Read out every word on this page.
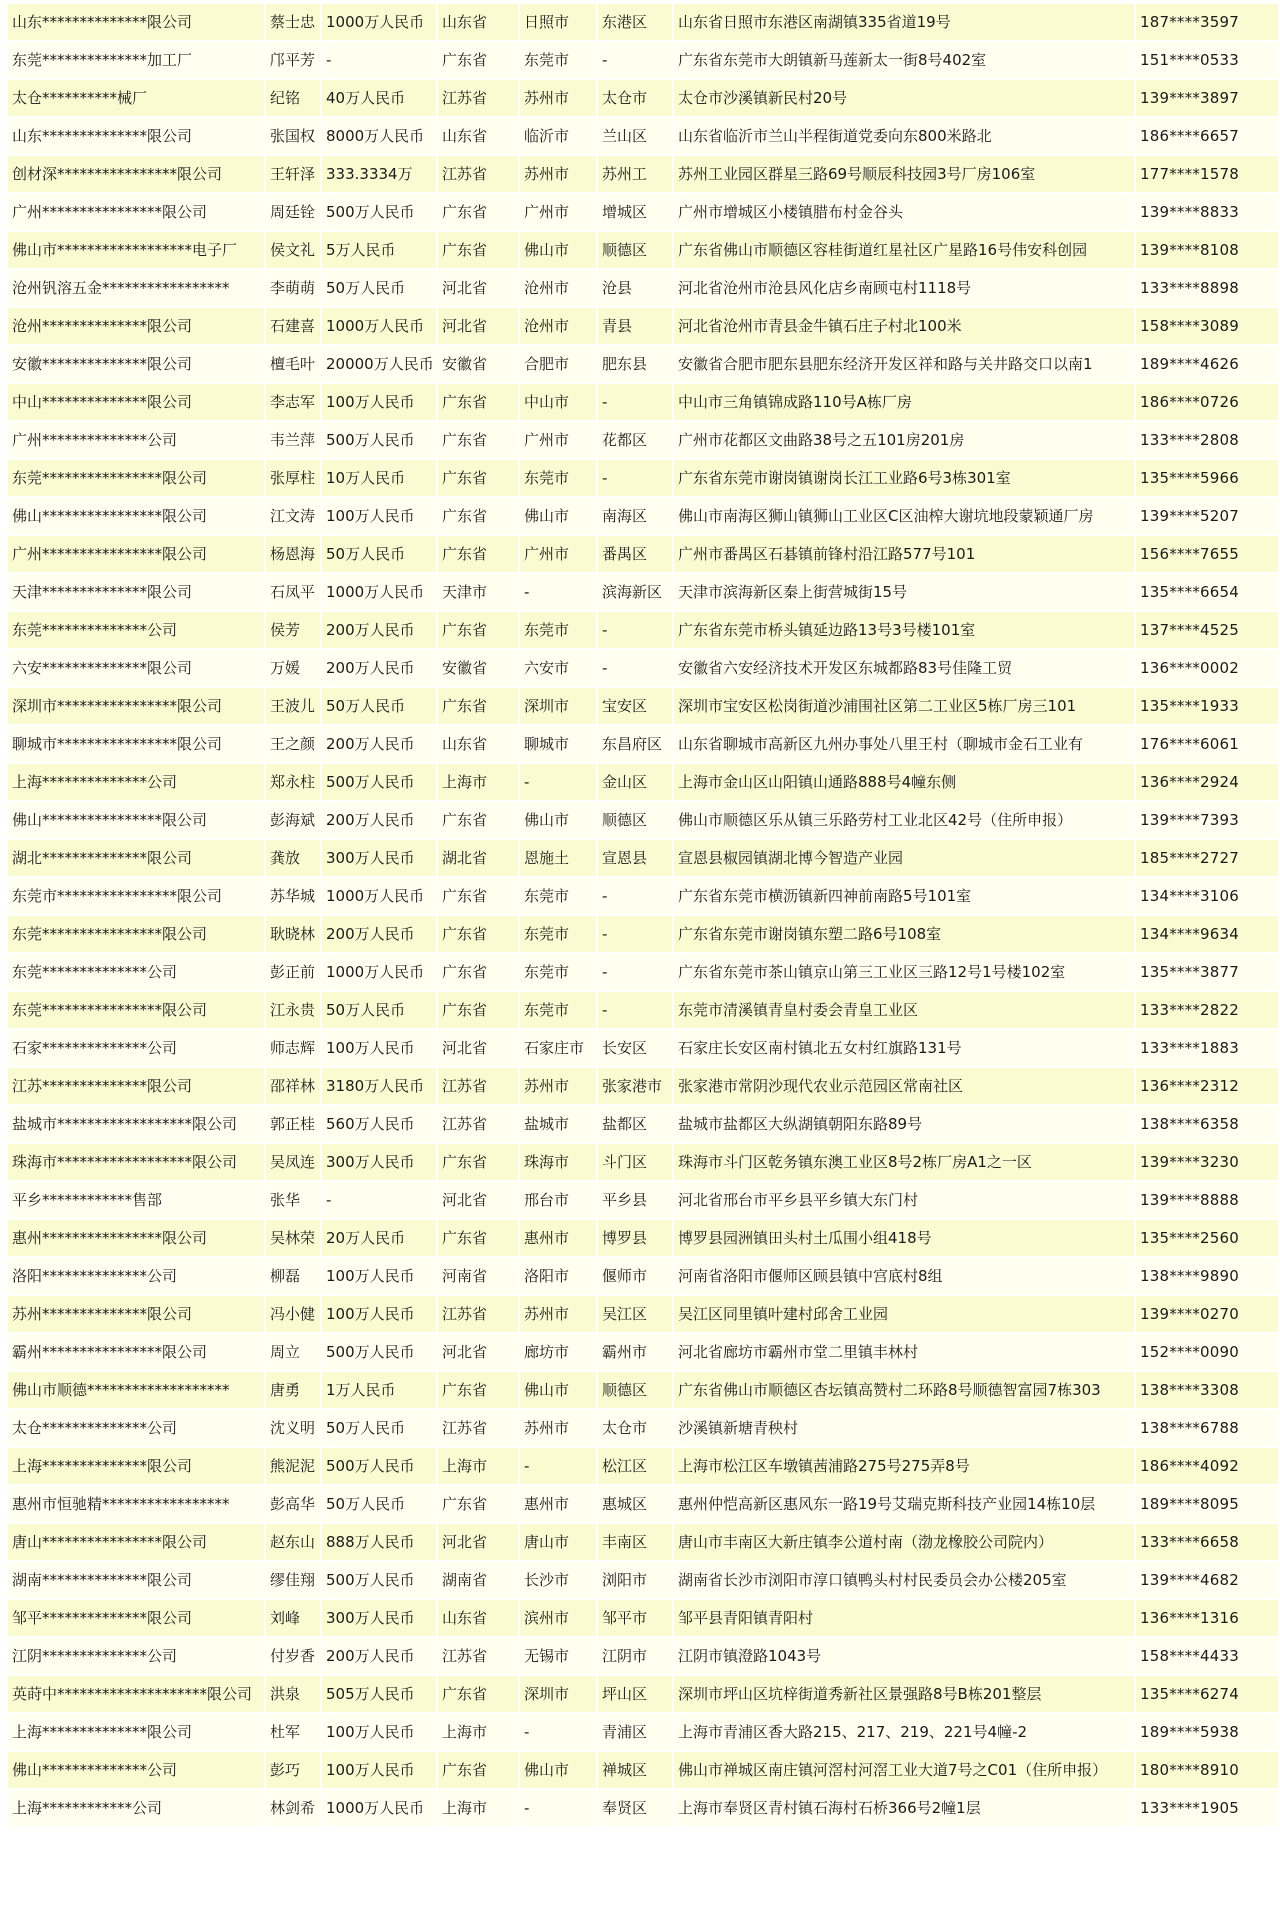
山东**************限公司	蔡士忠	1000万人民币	山东省	日照市	东港区	山东省日照市东港区南湖镇335省道19号	187****3597
东莞**************加工厂	邝平芳	-	广东省	东莞市	-	广东省东莞市大朗镇新马莲新太一街8号402室	151****0533
太仓**********械厂	纪铭	40万人民币	江苏省	苏州市	太仓市	太仓市沙溪镇新民村20号	139****3897
山东**************限公司	张国权	8000万人民币	山东省	临沂市	兰山区	山东省临沂市兰山半程街道党委向东800米路北	186****6657
创材深****************限公司	王轩泽	333.3334万	江苏省	苏州市	苏州工	苏州工业园区群星三路69号顺辰科技园3号厂房106室	177****1578
广州****************限公司	周廷铨	500万人民币	广东省	广州市	增城区	广州市增城区小楼镇腊布村金谷头	139****8833
佛山市******************电子厂	侯文礼	5万人民币	广东省	佛山市	顺德区	广东省佛山市顺德区容桂街道红星社区广星路16号伟安科创园	139****8108
沧州钒溶五金*****************	李萌萌	50万人民币	河北省	沧州市	沧县	河北省沧州市沧县风化店乡南顾屯村1118号	133****8898
沧州**************限公司	石建喜	1000万人民币	河北省	沧州市	青县	河北省沧州市青县金牛镇石庄子村北100米	158****3089
安徽**************限公司	檀毛叶	20000万人民币	安徽省	合肥市	肥东县	安徽省合肥市肥东县肥东经济开发区祥和路与关井路交口以南1	189****4626
中山**************限公司	李志军	100万人民币	广东省	中山市	-	中山市三角镇锦成路110号A栋厂房	186****0726
广州**************公司	韦兰萍	500万人民币	广东省	广州市	花都区	广州市花都区文曲路38号之五101房201房	133****2808
东莞****************限公司	张厚柱	10万人民币	广东省	东莞市	-	广东省东莞市谢岗镇谢岗长江工业路6号3栋301室	135****5966
佛山****************限公司	江文涛	100万人民币	广东省	佛山市	南海区	佛山市南海区狮山镇狮山工业区C区油榨大谢坑地段蒙颖通厂房	139****5207
广州****************限公司	杨恩海	50万人民币	广东省	广州市	番禺区	广州市番禺区石碁镇前锋村沿江路577号101	156****7655
天津**************限公司	石凤平	1000万人民币	天津市	-	滨海新区	天津市滨海新区秦上街营城街15号	135****6654
东莞**************公司	侯芳	200万人民币	广东省	东莞市	-	广东省东莞市桥头镇延边路13号3号楼101室	137****4525
六安**************限公司	万媛	200万人民币	安徽省	六安市	-	安徽省六安经济技术开发区东城都路83号佳隆工贸	136****0002
深圳市****************限公司	王波儿	50万人民币	广东省	深圳市	宝安区	深圳市宝安区松岗街道沙浦围社区第二工业区5栋厂房三101	135****1933
聊城市****************限公司	王之颜	200万人民币	山东省	聊城市	东昌府区	山东省聊城市高新区九州办事处八里王村（聊城市金石工业有	176****6061
上海**************公司	郑永柱	500万人民币	上海市	-	金山区	上海市金山区山阳镇山通路888号4幢东侧	136****2924
佛山****************限公司	彭海斌	200万人民币	广东省	佛山市	顺德区	佛山市顺德区乐从镇三乐路劳村工业北区42号（住所申报）	139****7393
湖北**************限公司	龚放	300万人民币	湖北省	恩施土	宣恩县	宣恩县椒园镇湖北博今智造产业园	185****2727
东莞市****************限公司	苏华城	1000万人民币	广东省	东莞市	-	广东省东莞市横沥镇新四神前南路5号101室	134****3106
东莞****************限公司	耿晓林	200万人民币	广东省	东莞市	-	广东省东莞市谢岗镇东塑二路6号108室	134****9634
东莞**************公司	彭正前	1000万人民币	广东省	东莞市	-	广东省东莞市茶山镇京山第三工业区三路12号1号楼102室	135****3877
东莞****************限公司	江永贵	50万人民币	广东省	东莞市	-	东莞市清溪镇青皇村委会青皇工业区	133****2822
石家**************公司	师志辉	100万人民币	河北省	石家庄市	长安区	石家庄长安区南村镇北五女村红旗路131号	133****1883
江苏**************限公司	邵祥林	3180万人民币	江苏省	苏州市	张家港市	张家港市常阴沙现代农业示范园区常南社区	136****2312
盐城市******************限公司	郭正桂	560万人民币	江苏省	盐城市	盐都区	盐城市盐都区大纵湖镇朝阳东路89号	138****6358
珠海市******************限公司	吴凤连	300万人民币	广东省	珠海市	斗门区	珠海市斗门区乾务镇东澳工业区8号2栋厂房A1之一区	139****3230
平乡************售部	张华	-	河北省	邢台市	平乡县	河北省邢台市平乡县平乡镇大东门村	139****8888
惠州****************限公司	吴林荣	20万人民币	广东省	惠州市	博罗县	博罗县园洲镇田头村土瓜围小组418号	135****2560
洛阳**************公司	柳磊	100万人民币	河南省	洛阳市	偃师市	河南省洛阳市偃师区顾县镇中宫底村8组	138****9890
苏州**************限公司	冯小健	100万人民币	江苏省	苏州市	吴江区	吴江区同里镇叶建村邱舍工业园	139****0270
霸州****************限公司	周立	500万人民币	河北省	廊坊市	霸州市	河北省廊坊市霸州市堂二里镇丰林村	152****0090
佛山市顺德*******************	唐勇	1万人民币	广东省	佛山市	顺德区	广东省佛山市顺德区杏坛镇高赞村二环路8号顺德智富园7栋303	138****3308
太仓**************公司	沈义明	50万人民币	江苏省	苏州市	太仓市	沙溪镇新塘青秧村	138****6788
上海**************限公司	熊泥泥	500万人民币	上海市	-	松江区	上海市松江区车墩镇茜浦路275号275弄8号	186****4092
惠州市恒驰精*****************	彭高华	50万人民币	广东省	惠州市	惠城区	惠州仲恺高新区惠风东一路19号艾瑞克斯科技产业园14栋10层	189****8095
唐山****************限公司	赵东山	888万人民币	河北省	唐山市	丰南区	唐山市丰南区大新庄镇李公道村南（渤龙橡胶公司院内）	133****6658
湖南**************限公司	缪佳翔	500万人民币	湖南省	长沙市	浏阳市	湖南省长沙市浏阳市淳口镇鸭头村村民委员会办公楼205室	139****4682
邹平**************限公司	刘峰	300万人民币	山东省	滨州市	邹平市	邹平县青阳镇青阳村	136****1316
江阴**************公司	付岁香	200万人民币	江苏省	无锡市	江阴市	江阴市镇澄路1043号	158****4433
英莳中********************限公司	洪泉	505万人民币	广东省	深圳市	坪山区	深圳市坪山区坑梓街道秀新社区景强路8号B栋201整层	135****6274
上海**************限公司	杜军	100万人民币	上海市	-	青浦区	上海市青浦区香大路215、217、219、221号4幢-2	189****5938
佛山**************公司	彭巧	100万人民币	广东省	佛山市	禅城区	佛山市禅城区南庄镇河滘村河滘工业大道7号之C01（住所申报）	180****8910
上海************公司	林剑希	1000万人民币	上海市	-	奉贤区	上海市奉贤区青村镇石海村石桥366号2幢1层	133****1905
